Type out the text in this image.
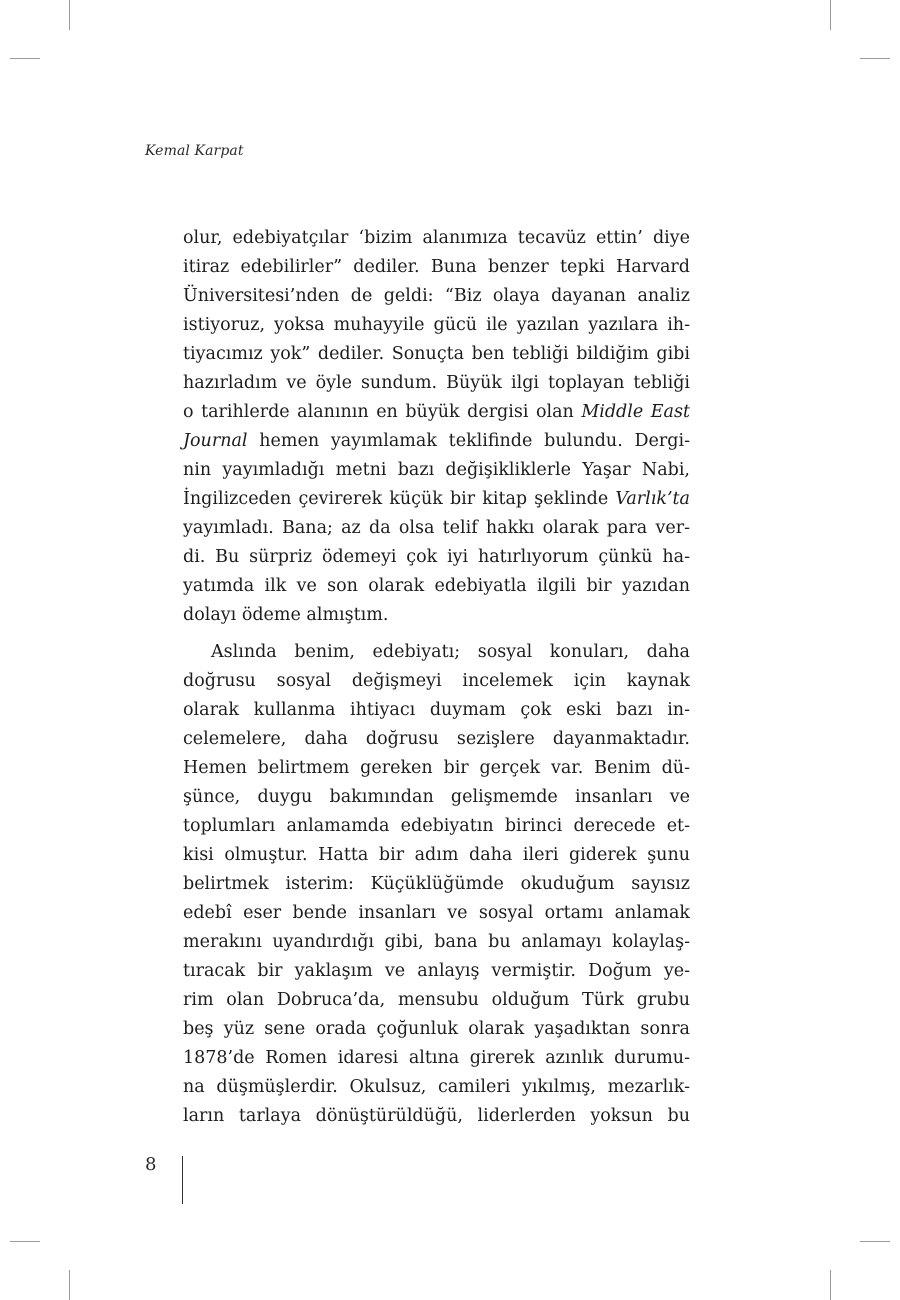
Kemal Karpat
olur, edebiyatçılar ‘bizim alanımıza tecavüz ettin’ diye
itiraz edebilirler” dediler. Buna benzer tepki Harvard
Üniversitesi’nden de geldi: “Biz olaya dayanan analiz
istiyoruz, yoksa muhayyile gücü ile yazılan yazılara ih-
tiyacımız yok” dediler. Sonuçta ben tebliği bildiğim gibi
hazırladım ve öyle sundum. Büyük ilgi toplayan tebliği
o tarihlerde alanının en büyük dergisi olan Middle East
Journal hemen yayımlamak teklifinde bulundu. Dergi-
nin yayımladığı metni bazı değişikliklerle Yaşar Nabi,
İngilizceden çevirerek küçük bir kitap şeklinde Varlık’ta
yayımladı. Bana; az da olsa telif hakkı olarak para ver-
di. Bu sürpriz ödemeyi çok iyi hatırlıyorum çünkü ha-
yatımda ilk ve son olarak edebiyatla ilgili bir yazıdan
dolayı ödeme almıştım.
Aslında benim, edebiyatı; sosyal konuları, daha
doğrusu sosyal değişmeyi incelemek için kaynak
olarak kullanma ihtiyacı duymam çok eski bazı in-
celemelere, daha doğrusu sezişlere dayanmaktadır.
Hemen belirtmem gereken bir gerçek var. Benim dü-
şünce, duygu bakımından gelişmemde insanları ve
toplumları anlamamda edebiyatın birinci derecede et-
kisi olmuştur. Hatta bir adım daha ileri giderek şunu
belirtmek isterim: Küçüklüğümde okuduğum sayısız
edebî eser bende insanları ve sosyal ortamı anlamak
merakını uyandırdığı gibi, bana bu anlamayı kolaylaş-
tıracak bir yaklaşım ve anlayış vermiştir. Doğum ye-
rim olan Dobruca’da, mensubu olduğum Türk grubu
beş yüz sene orada çoğunluk olarak yaşadıktan sonra
1878’de Romen idaresi altına girerek azınlık durumu-
na düşmüşlerdir. Okulsuz, camileri yıkılmış, mezarlık-
ların tarlaya dönüştürüldüğü, liderlerden yoksun bu
8
